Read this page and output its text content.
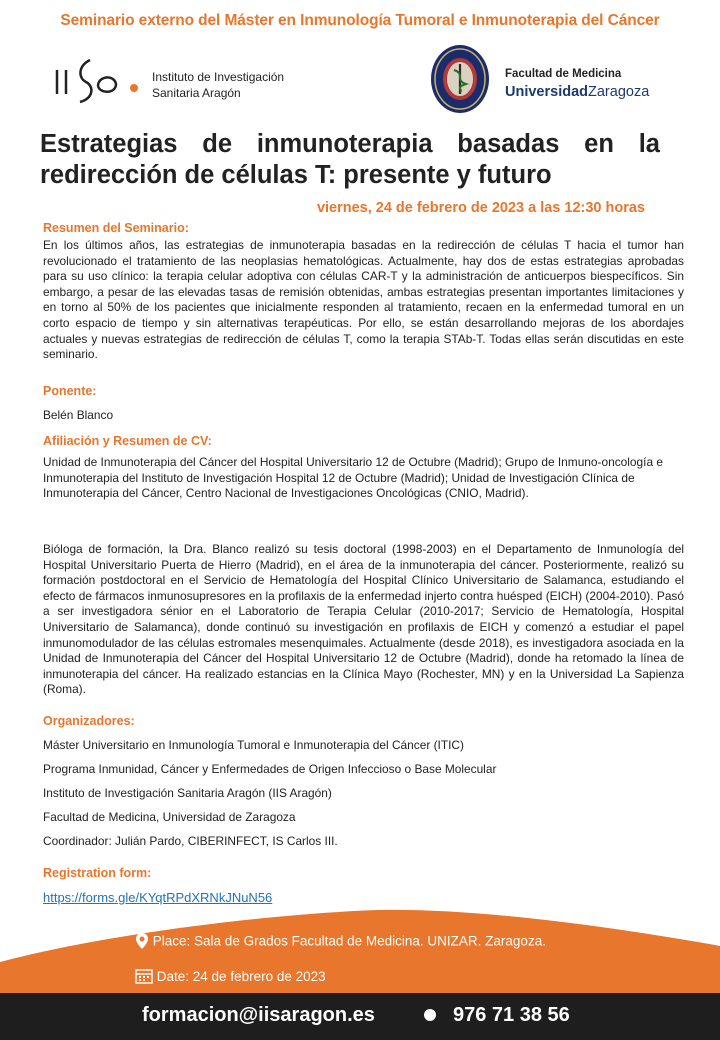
Seminario externo del Máster en Inmunología Tumoral e Inmunoterapia del Cáncer
Instituto de Investigación
Sanitaria Aragón
Facultad de Medicina
UniversidadZaragoza
Estrategias de inmunoterapia basadas en la redirección de células T: presente y futuro
viernes, 24 de febrero de 2023 a las 12:30 horas
Resumen del Seminario:
En los últimos años, las estrategias de inmunoterapia basadas en la redirección de células T hacia el tumor han revolucionado el tratamiento de las neoplasias hematológicas. Actualmente, hay dos de estas estrategias aprobadas para su uso clínico: la terapia celular adoptiva con células CAR-T y la administración de anticuerpos biespecíficos. Sin embargo, a pesar de las elevadas tasas de remisión obtenidas, ambas estrategias presentan importantes limitaciones y en torno al 50% de los pacientes que inicialmente responden al tratamiento, recaen en la enfermedad tumoral en un corto espacio de tiempo y sin alternativas terapéuticas. Por ello, se están desarrollando mejoras de los abordajes actuales y nuevas estrategias de redirección de células T, como la terapia STAb-T. Todas ellas serán discutidas en este seminario.
Ponente:
Belén Blanco
Afiliación y Resumen de CV:
Unidad de Inmunoterapia del Cáncer del Hospital Universitario 12 de Octubre (Madrid); Grupo de Inmuno-oncología e Inmunoterapia del Instituto de Investigación Hospital 12 de Octubre (Madrid); Unidad de Investigación Clínica de Inmunoterapia del Cáncer, Centro Nacional de Investigaciones Oncológicas (CNIO, Madrid).
Bióloga de formación, la Dra. Blanco realizó su tesis doctoral (1998-2003) en el Departamento de Inmunología del Hospital Universitario Puerta de Hierro (Madrid), en el área de la inmunoterapia del cáncer. Posteriormente, realizó su formación postdoctoral en el Servicio de Hematología del Hospital Clínico Universitario de Salamanca, estudiando el efecto de fármacos inmunosupresores en la profilaxis de la enfermedad injerto contra huésped (EICH) (2004-2010). Pasó a ser investigadora sénior en el Laboratorio de Terapia Celular (2010-2017; Servicio de Hematología, Hospital Universitario de Salamanca), donde continuó su investigación en profilaxis de EICH y comenzó a estudiar el papel inmunomodulador de las células estromales mesenquimales. Actualmente (desde 2018), es investigadora asociada en la Unidad de Inmunoterapia del Cáncer del Hospital Universitario 12 de Octubre (Madrid), donde ha retomado la línea de inmunoterapia del cáncer. Ha realizado estancias en la Clínica Mayo (Rochester, MN) y en la Universidad La Sapienza (Roma).
Organizadores:
Máster Universitario en Inmunología Tumoral e Inmunoterapia del Cáncer (ITIC)
Programa Inmunidad, Cáncer y Enfermedades de Origen Infeccioso o Base Molecular
Instituto de Investigación Sanitaria Aragón (IIS Aragón)
Facultad de Medicina, Universidad de Zaragoza
Coordinador: Julián Pardo, CIBERINFECT, IS Carlos III.
Registration form:
https://forms.gle/KYqtRPdXRNkJNuN56
Place: Sala de Grados Facultad de Medicina. UNIZAR. Zaragoza.
Date: 24 de febrero de 2023
formacion@iisaragon.es	976 71 38 56
